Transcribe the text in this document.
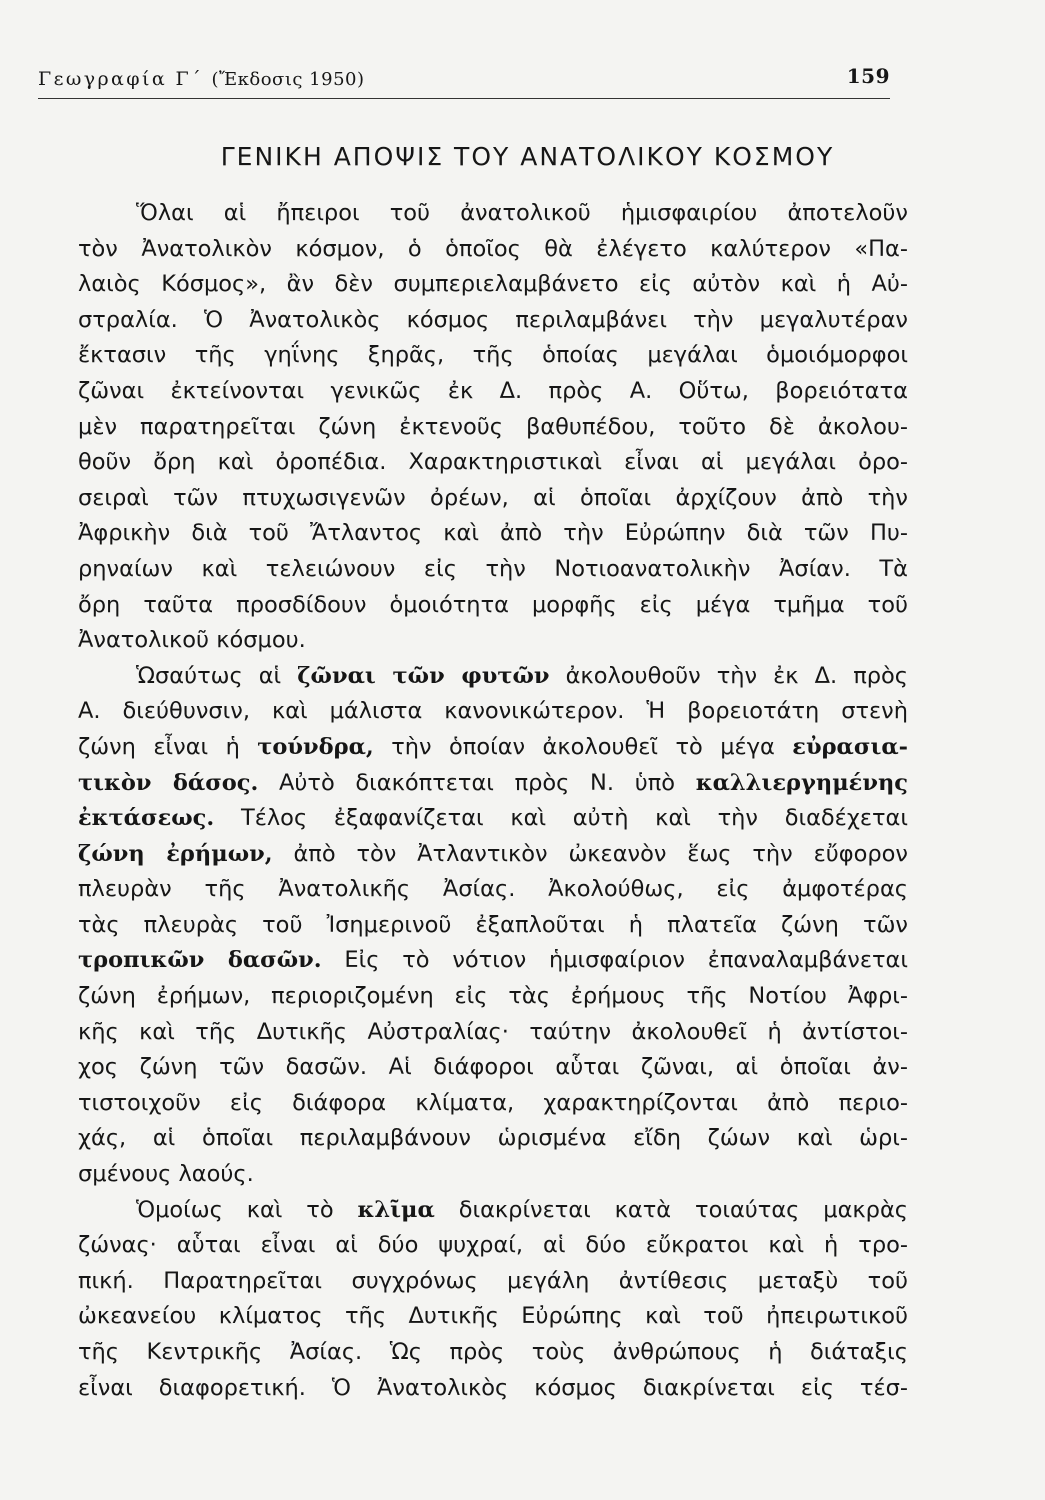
Γεωγραφία Γ΄ (Ἔκδοσις 1950)	159
ΓΕΝΙΚΗ ΑΠΟΨΙΣ ΤΟΥ ΑΝΑΤΟΛΙΚΟΥ ΚΟΣΜΟΥ
Ὅλαι αἱ ἤπειροι τοῦ ἀνατολικοῦ ἡμισφαιρίου ἀποτελοῦν
τὸν Ἀνατολικὸν κόσμον, ὁ ὁποῖος θὰ ἐλέγετο καλύτερον «Πα-
λαιὸς Κόσμος», ἂν δὲν συμπεριελαμβάνετο εἰς αὐτὸν καὶ ἡ Αὐ-
στραλία. Ὁ Ἀνατολικὸς κόσμος περιλαμβάνει τὴν μεγαλυτέραν
ἔκτασιν τῆς γηΐνης ξηρᾶς, τῆς ὁποίας μεγάλαι ὁμοιόμορφοι
ζῶναι ἐκτείνονται γενικῶς ἐκ Δ. πρὸς Α. Οὕτω, βορειότατα
μὲν παρατηρεῖται ζώνη ἐκτενοῦς βαθυπέδου, τοῦτο δὲ ἀκολου-
θοῦν ὄρη καὶ ὀροπέδια. Χαρακτηριστικαὶ εἶναι αἱ μεγάλαι ὀρο-
σειραὶ τῶν πτυχωσιγενῶν ὀρέων, αἱ ὁποῖαι ἀρχίζουν ἀπὸ τὴν
Ἀφρικὴν διὰ τοῦ Ἄτλαντος καὶ ἀπὸ τὴν Εὐρώπην διὰ τῶν Πυ-
ρηναίων καὶ τελειώνουν εἰς τὴν Νοτιοανατολικὴν Ἀσίαν. Τὰ
ὄρη ταῦτα προσδίδουν ὁμοιότητα μορφῆς εἰς μέγα τμῆμα τοῦ
Ἀνατολικοῦ κόσμου.
Ὡσαύτως αἱ ζῶναι τῶν φυτῶν ἀκολουθοῦν τὴν ἐκ Δ. πρὸς
Α. διεύθυνσιν, καὶ μάλιστα κανονικώτερον. Ἡ βορειοτάτη στενὴ
ζώνη εἶναι ἡ τούνδρα, τὴν ὁποίαν ἀκολουθεῖ τὸ μέγα εὐρασια-
τικὸν δάσος. Αὐτὸ διακόπτεται πρὸς Ν. ὑπὸ καλλιεργημένης
ἐκτάσεως. Τέλος ἐξαφανίζεται καὶ αὐτὴ καὶ τὴν διαδέχεται
ζώνη ἐρήμων, ἀπὸ τὸν Ἀτλαντικὸν ὠκεανὸν ἕως τὴν εὔφορον
πλευρὰν τῆς Ἀνατολικῆς Ἀσίας. Ἀκολούθως, εἰς ἀμφοτέρας
τὰς πλευρὰς τοῦ Ἰσημερινοῦ ἐξαπλοῦται ἡ πλατεῖα ζώνη τῶν
τροπικῶν δασῶν. Εἰς τὸ νότιον ἡμισφαίριον ἐπαναλαμβάνεται
ζώνη ἐρήμων, περιοριζομένη εἰς τὰς ἐρήμους τῆς Νοτίου Ἀφρι-
κῆς καὶ τῆς Δυτικῆς Αὐστραλίας· ταύτην ἀκολουθεῖ ἡ ἀντίστοι-
χος ζώνη τῶν δασῶν. Αἱ διάφοροι αὗται ζῶναι, αἱ ὁποῖαι ἀν-
τιστοιχοῦν εἰς διάφορα κλίματα, χαρακτηρίζονται ἀπὸ περιο-
χάς, αἱ ὁποῖαι περιλαμβάνουν ὡρισμένα εἴδη ζώων καὶ ὡρι-
σμένους λαούς.
Ὁμοίως καὶ τὸ κλῖμα διακρίνεται κατὰ τοιαύτας μακρὰς
ζώνας· αὗται εἶναι αἱ δύο ψυχραί, αἱ δύο εὔκρατοι καὶ ἡ τρο-
πική. Παρατηρεῖται συγχρόνως μεγάλη ἀντίθεσις μεταξὺ τοῦ
ὠκεανείου κλίματος τῆς Δυτικῆς Εὐρώπης καὶ τοῦ ἠπειρωτικοῦ
τῆς Κεντρικῆς Ἀσίας. Ὡς πρὸς τοὺς ἀνθρώπους ἡ διάταξις
εἶναι διαφορετική. Ὁ Ἀνατολικὸς κόσμος διακρίνεται εἰς τέσ-
